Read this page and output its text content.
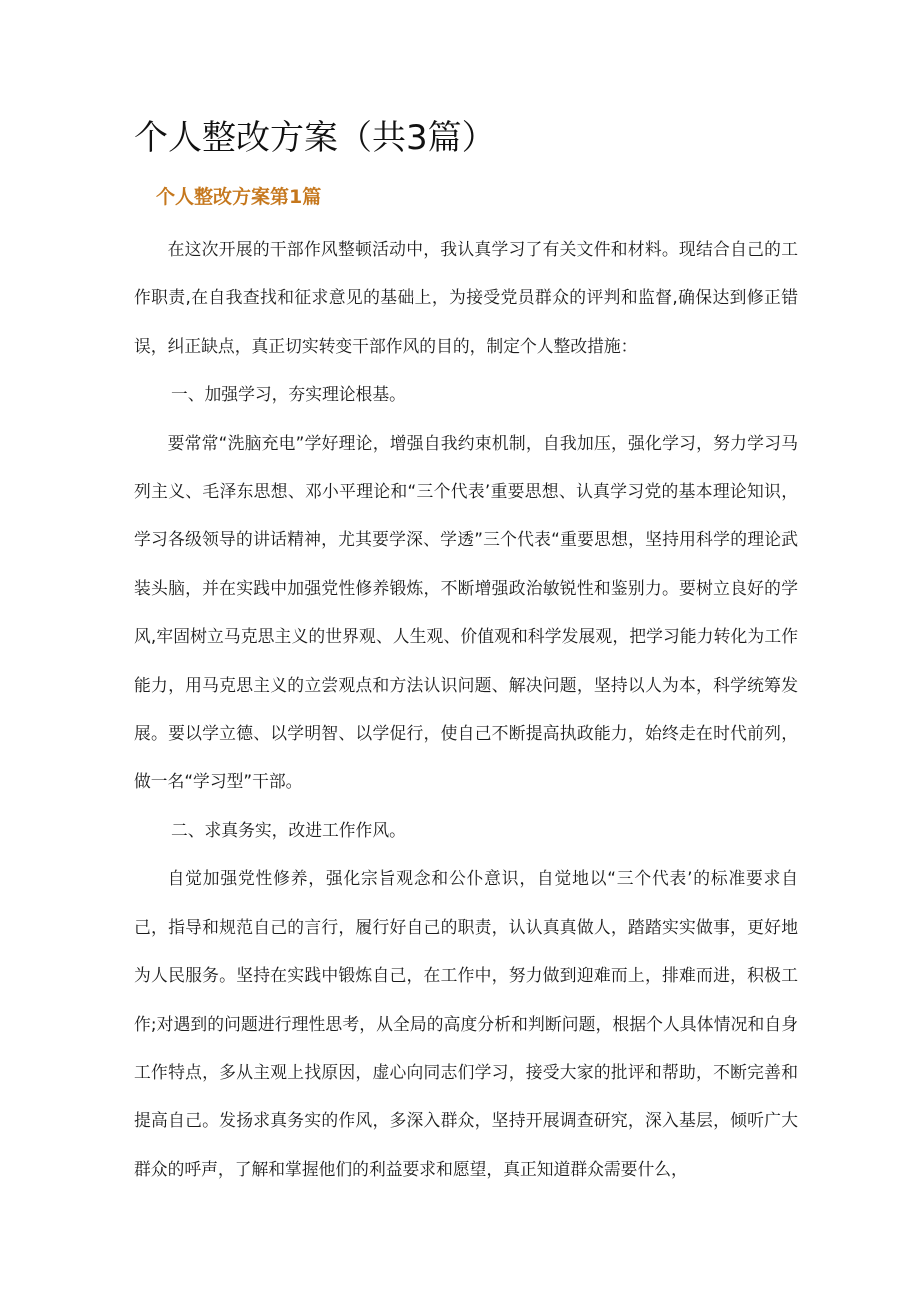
个人整改方案（共3篇）
个人整改方案第1篇

在这次开展的干部作风整顿活动中，我认真学习了有关文件和材料。现结合自己的工作职责,在自我查找和征求意见的基础上，为接受党员群众的评判和监督,确保达到修正错误，纠正缺点，真正切实转变干部作风的目的，制定个人整改措施：

一、加强学习，夯实理论根基。

要常常“洗脑充电”学好理论，增强自我约束机制，自我加压，强化学习，努力学习马列主义、毛泽东思想、邓小平理论和“三个代表’重要思想、认真学习党的基本理论知识，学习各级领导的讲话精神，尤其要学深、学透”三个代表“重要思想，坚持用科学的理论武装头脑，并在实践中加强党性修养锻炼，不断增强政治敏锐性和鉴别力。要树立良好的学风,牢固树立马克思主义的世界观、人生观、价值观和科学发展观，把学习能力转化为工作能力，用马克思主义的立尝观点和方法认识问题、解决问题，坚持以人为本，科学统筹发展。要以学立德、以学明智、以学促行，使自己不断提高执政能力，始终走在时代前列，做一名“学习型”干部。

二、求真务实，改进工作作风。

自觉加强党性修养，强化宗旨观念和公仆意识，自觉地以“三个代表’的标准要求自己，指导和规范自己的言行，履行好自己的职责，认认真真做人，踏踏实实做事，更好地为人民服务。坚持在实践中锻炼自己，在工作中，努力做到迎难而上，排难而进，积极工作;对遇到的问题进行理性思考，从全局的高度分析和判断问题，根据个人具体情况和自身工作特点，多从主观上找原因，虚心向同志们学习，接受大家的批评和帮助，不断完善和提高自己。发扬求真务实的作风，多深入群众，坚持开展调查研究，深入基层，倾听广大群众的呼声，了解和掌握他们的利益要求和愿望，真正知道群众需要什么，
